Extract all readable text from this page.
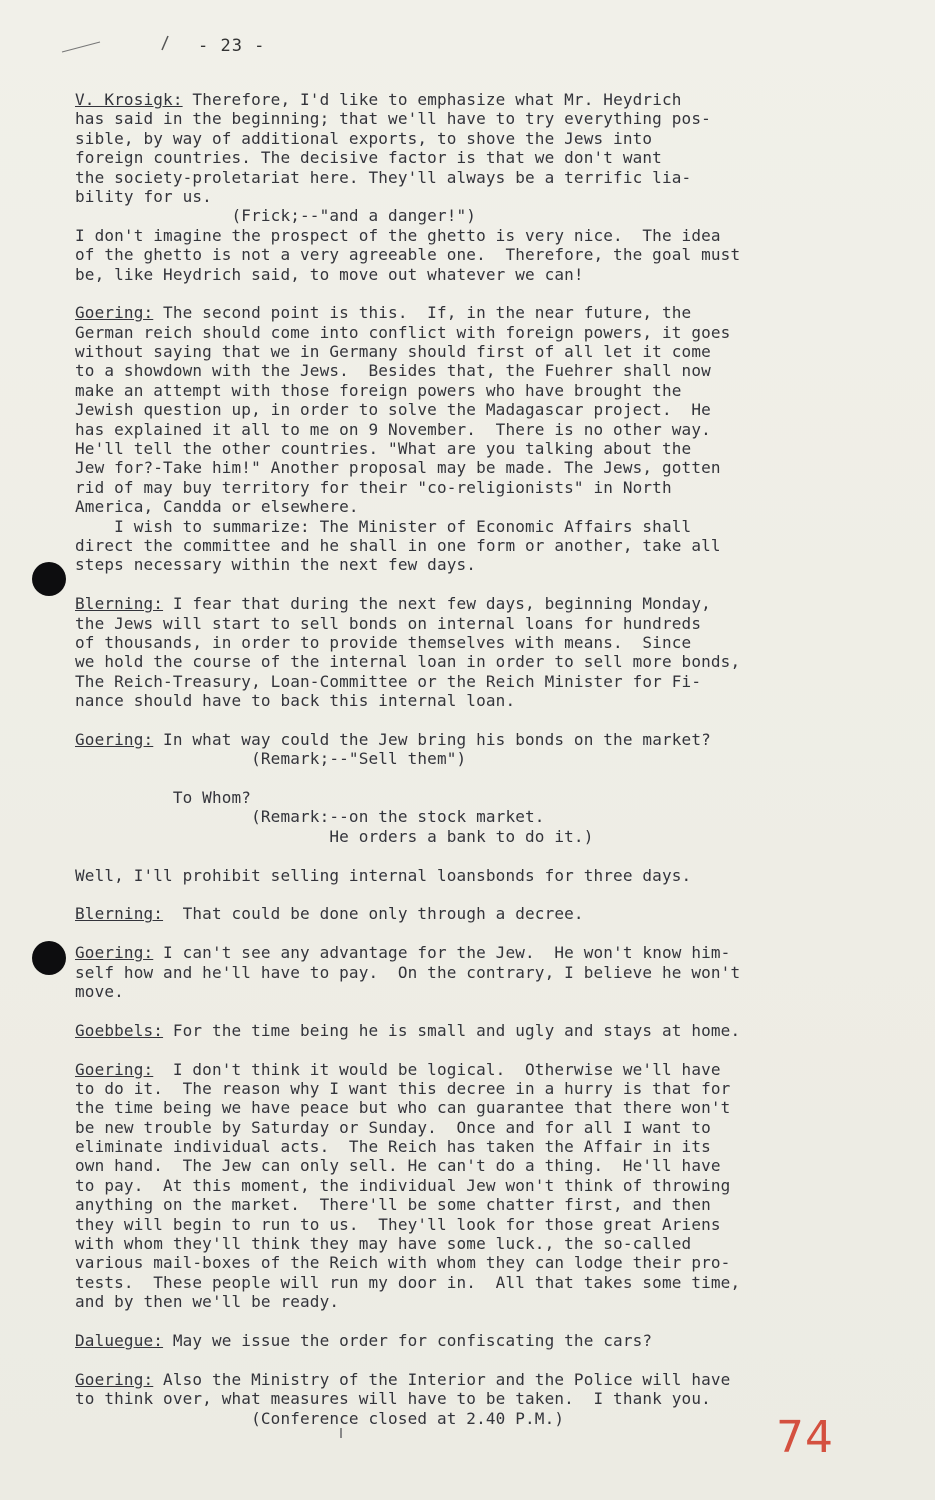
- 23 -
V. Krosigk: Therefore, I'd like to emphasize what Mr. Heydrich
has said in the beginning; that we'll have to try everything pos-
sible, by way of additional exports, to shove the Jews into
foreign countries. The decisive factor is that we don't want
the society-proletariat here. They'll always be a terrific lia-
bility for us.
(Frick;--"and a danger!")
I don't imagine the prospect of the ghetto is very nice.  The idea
of the ghetto is not a very agreeable one.  Therefore, the goal must
be, like Heydrich said, to move out whatever we can!
Goering: The second point is this.  If, in the near future, the
German reich should come into conflict with foreign powers, it goes
without saying that we in Germany should first of all let it come
to a showdown with the Jews.  Besides that, the Fuehrer shall now
make an attempt with those foreign powers who have brought the
Jewish question up, in order to solve the Madagascar project.  He
has explained it all to me on 9 November.  There is no other way.
He'll tell the other countries. "What are you talking about the
Jew for?-Take him!" Another proposal may be made. The Jews, gotten
rid of may buy territory for their "co-religionists" in North
America, Candda or elsewhere.
I wish to summarize: The Minister of Economic Affairs shall
direct the committee and he shall in one form or another, take all
steps necessary within the next few days.
Blerning: I fear that during the next few days, beginning Monday,
the Jews will start to sell bonds on internal loans for hundreds
of thousands, in order to provide themselves with means.  Since
we hold the course of the internal loan in order to sell more bonds,
The Reich-Treasury, Loan-Committee or the Reich Minister for Fi-
nance should have to back this internal loan.
Goering: In what way could the Jew bring his bonds on the market?
(Remark;--"Sell them")
To Whom?
(Remark:--on the stock market.
He orders a bank to do it.)
Well, I'll prohibit selling internal loansbonds for three days.
Blerning:  That could be done only through a decree.
Goering: I can't see any advantage for the Jew.  He won't know him-
self how and he'll have to pay.  On the contrary, I believe he won't
move.
Goebbels: For the time being he is small and ugly and stays at home.
Goering:  I don't think it would be logical.  Otherwise we'll have
to do it.  The reason why I want this decree in a hurry is that for
the time being we have peace but who can guarantee that there won't
be new trouble by Saturday or Sunday.  Once and for all I want to
eliminate individual acts.  The Reich has taken the Affair in its
own hand.  The Jew can only sell. He can't do a thing.  He'll have
to pay.  At this moment, the individual Jew won't think of throwing
anything on the market.  There'll be some chatter first, and then
they will begin to run to us.  They'll look for those great Ariens
with whom they'll think they may have some luck., the so-called
various mail-boxes of the Reich with whom they can lodge their pro-
tests.  These people will run my door in.  All that takes some time,
and by then we'll be ready.
Daluegue: May we issue the order for confiscating the cars?
Goering: Also the Ministry of the Interior and the Police will have
to think over, what measures will have to be taken.  I thank you.
(Conference closed at 2.40 P.M.)	74
